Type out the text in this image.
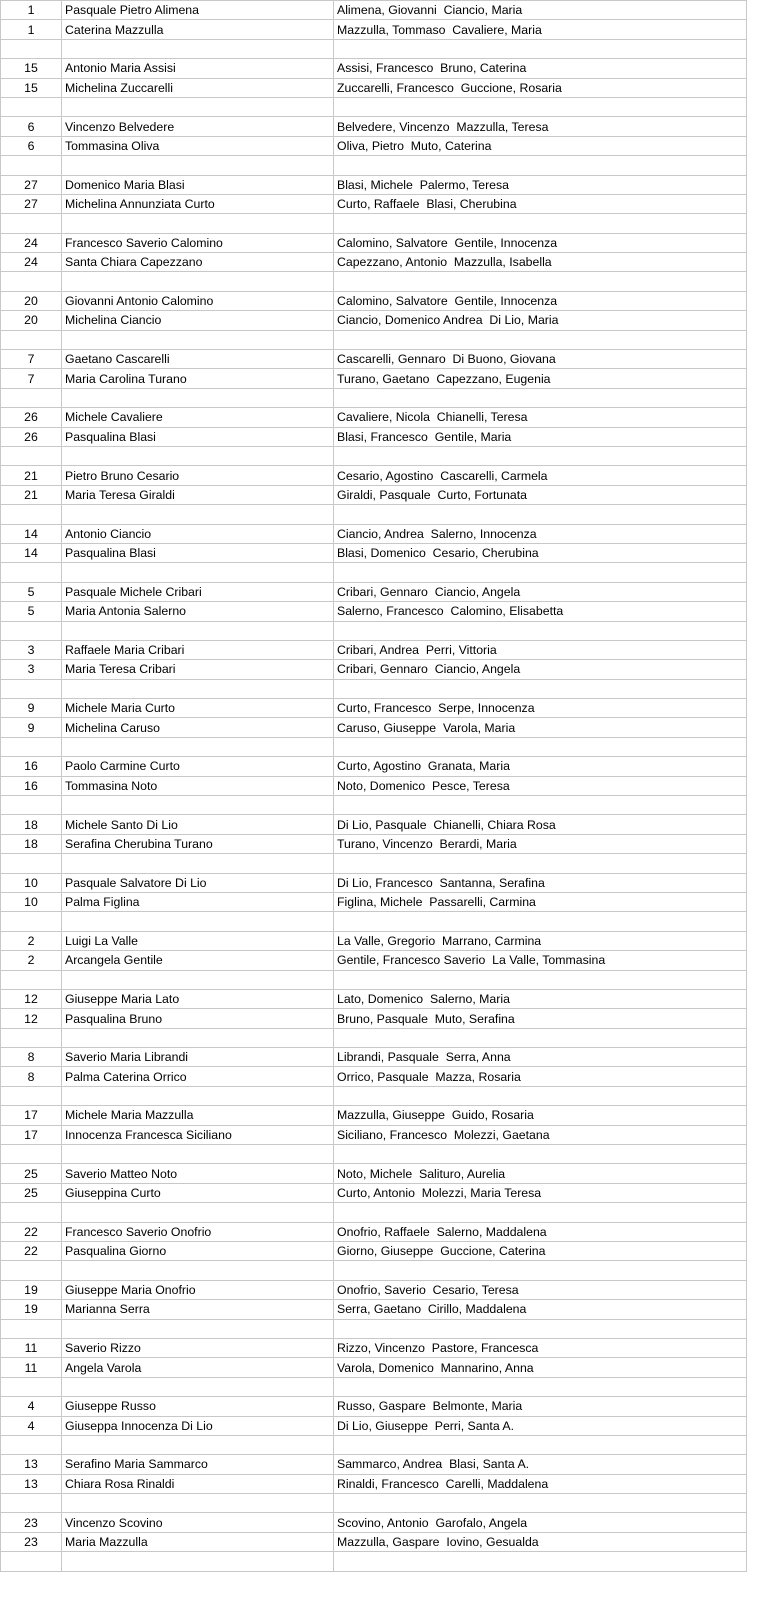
1	Pasquale Pietro Alimena	Alimena, Giovanni  Ciancio, Maria
1	Caterina Mazzulla	Mazzulla, Tommaso  Cavaliere, Maria

15	Antonio Maria Assisi	Assisi, Francesco  Bruno, Caterina
15	Michelina Zuccarelli	Zuccarelli, Francesco  Guccione, Rosaria

6	Vincenzo Belvedere	Belvedere, Vincenzo  Mazzulla, Teresa
6	Tommasina Oliva	Oliva, Pietro  Muto, Caterina

27	Domenico Maria Blasi	Blasi, Michele  Palermo, Teresa
27	Michelina Annunziata Curto	Curto, Raffaele  Blasi, Cherubina

24	Francesco Saverio Calomino	Calomino, Salvatore  Gentile, Innocenza
24	Santa Chiara Capezzano	Capezzano, Antonio  Mazzulla, Isabella

20	Giovanni Antonio Calomino	Calomino, Salvatore  Gentile, Innocenza
20	Michelina Ciancio	Ciancio, Domenico Andrea  Di Lio, Maria

7	Gaetano Cascarelli	Cascarelli, Gennaro  Di Buono, Giovana
7	Maria Carolina Turano	Turano, Gaetano  Capezzano, Eugenia

26	Michele Cavaliere	Cavaliere, Nicola  Chianelli, Teresa
26	Pasqualina Blasi	Blasi, Francesco  Gentile, Maria

21	Pietro Bruno Cesario	Cesario, Agostino  Cascarelli, Carmela
21	Maria Teresa Giraldi	Giraldi, Pasquale  Curto, Fortunata

14	Antonio Ciancio	Ciancio, Andrea  Salerno, Innocenza
14	Pasqualina Blasi	Blasi, Domenico  Cesario, Cherubina

5	Pasquale Michele Cribari	Cribari, Gennaro  Ciancio, Angela
5	Maria Antonia Salerno	Salerno, Francesco  Calomino, Elisabetta

3	Raffaele Maria Cribari	Cribari, Andrea  Perri, Vittoria
3	Maria Teresa Cribari	Cribari, Gennaro  Ciancio, Angela

9	Michele Maria Curto	Curto, Francesco  Serpe, Innocenza
9	Michelina Caruso	Caruso, Giuseppe  Varola, Maria

16	Paolo Carmine Curto	Curto, Agostino  Granata, Maria
16	Tommasina Noto	Noto, Domenico  Pesce, Teresa

18	Michele Santo Di Lio	Di Lio, Pasquale  Chianelli, Chiara Rosa
18	Serafina Cherubina Turano	Turano, Vincenzo  Berardi, Maria

10	Pasquale Salvatore Di Lio	Di Lio, Francesco  Santanna, Serafina
10	Palma Figlina	Figlina, Michele  Passarelli, Carmina

2	Luigi La Valle	La Valle, Gregorio  Marrano, Carmina
2	Arcangela Gentile	Gentile, Francesco Saverio  La Valle, Tommasina

12	Giuseppe Maria Lato	Lato, Domenico  Salerno, Maria
12	Pasqualina Bruno	Bruno, Pasquale  Muto, Serafina

8	Saverio Maria Librandi	Librandi, Pasquale  Serra, Anna
8	Palma Caterina Orrico	Orrico, Pasquale  Mazza, Rosaria

17	Michele Maria Mazzulla	Mazzulla, Giuseppe  Guido, Rosaria
17	Innocenza Francesca Siciliano	Siciliano, Francesco  Molezzi, Gaetana

25	Saverio Matteo Noto	Noto, Michele  Salituro, Aurelia
25	Giuseppina Curto	Curto, Antonio  Molezzi, Maria Teresa

22	Francesco Saverio Onofrio	Onofrio, Raffaele  Salerno, Maddalena
22	Pasqualina Giorno	Giorno, Giuseppe  Guccione, Caterina

19	Giuseppe Maria Onofrio	Onofrio, Saverio  Cesario, Teresa
19	Marianna Serra	Serra, Gaetano  Cirillo, Maddalena

11	Saverio Rizzo	Rizzo, Vincenzo  Pastore, Francesca
11	Angela Varola	Varola, Domenico  Mannarino, Anna

4	Giuseppe Russo	Russo, Gaspare  Belmonte, Maria
4	Giuseppa Innocenza Di Lio	Di Lio, Giuseppe  Perri, Santa A.

13	Serafino Maria Sammarco	Sammarco, Andrea  Blasi, Santa A.
13	Chiara Rosa Rinaldi	Rinaldi, Francesco  Carelli, Maddalena

23	Vincenzo Scovino	Scovino, Antonio  Garofalo, Angela
23	Maria Mazzulla	Mazzulla, Gaspare  Iovino, Gesualda
